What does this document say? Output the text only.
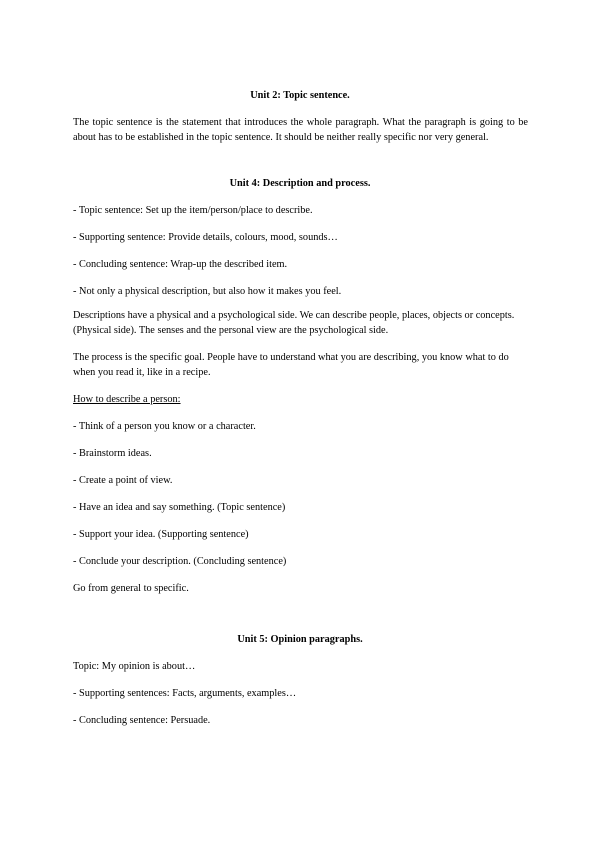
Unit 2: Topic sentence.

The topic sentence is the statement that introduces the whole paragraph. What the paragraph is going to be about has to be established in the topic sentence. It should be neither really specific nor very general.

Unit 4: Description and process.

- Topic sentence: Set up the item/person/place to describe.

- Supporting sentence: Provide details, colours, mood, sounds…

- Concluding sentence: Wrap-up the described item.

- Not only a physical description, but also how it makes you feel.

Descriptions have a physical and a psychological side. We can describe people, places, objects or concepts. (Physical side). The senses and the personal view are the psychological side.

The process is the specific goal. People have to understand what you are describing, you know what to do when you read it, like in a recipe.

How to describe a person:

- Think of a person you know or a character.

- Brainstorm ideas.

- Create a point of view.

- Have an idea and say something. (Topic sentence)

- Support your idea. (Supporting sentence)

- Conclude your description. (Concluding sentence)

Go from general to specific.

Unit 5: Opinion paragraphs.

Topic: My opinion is about…

- Supporting sentences: Facts, arguments, examples…

- Concluding sentence: Persuade.
